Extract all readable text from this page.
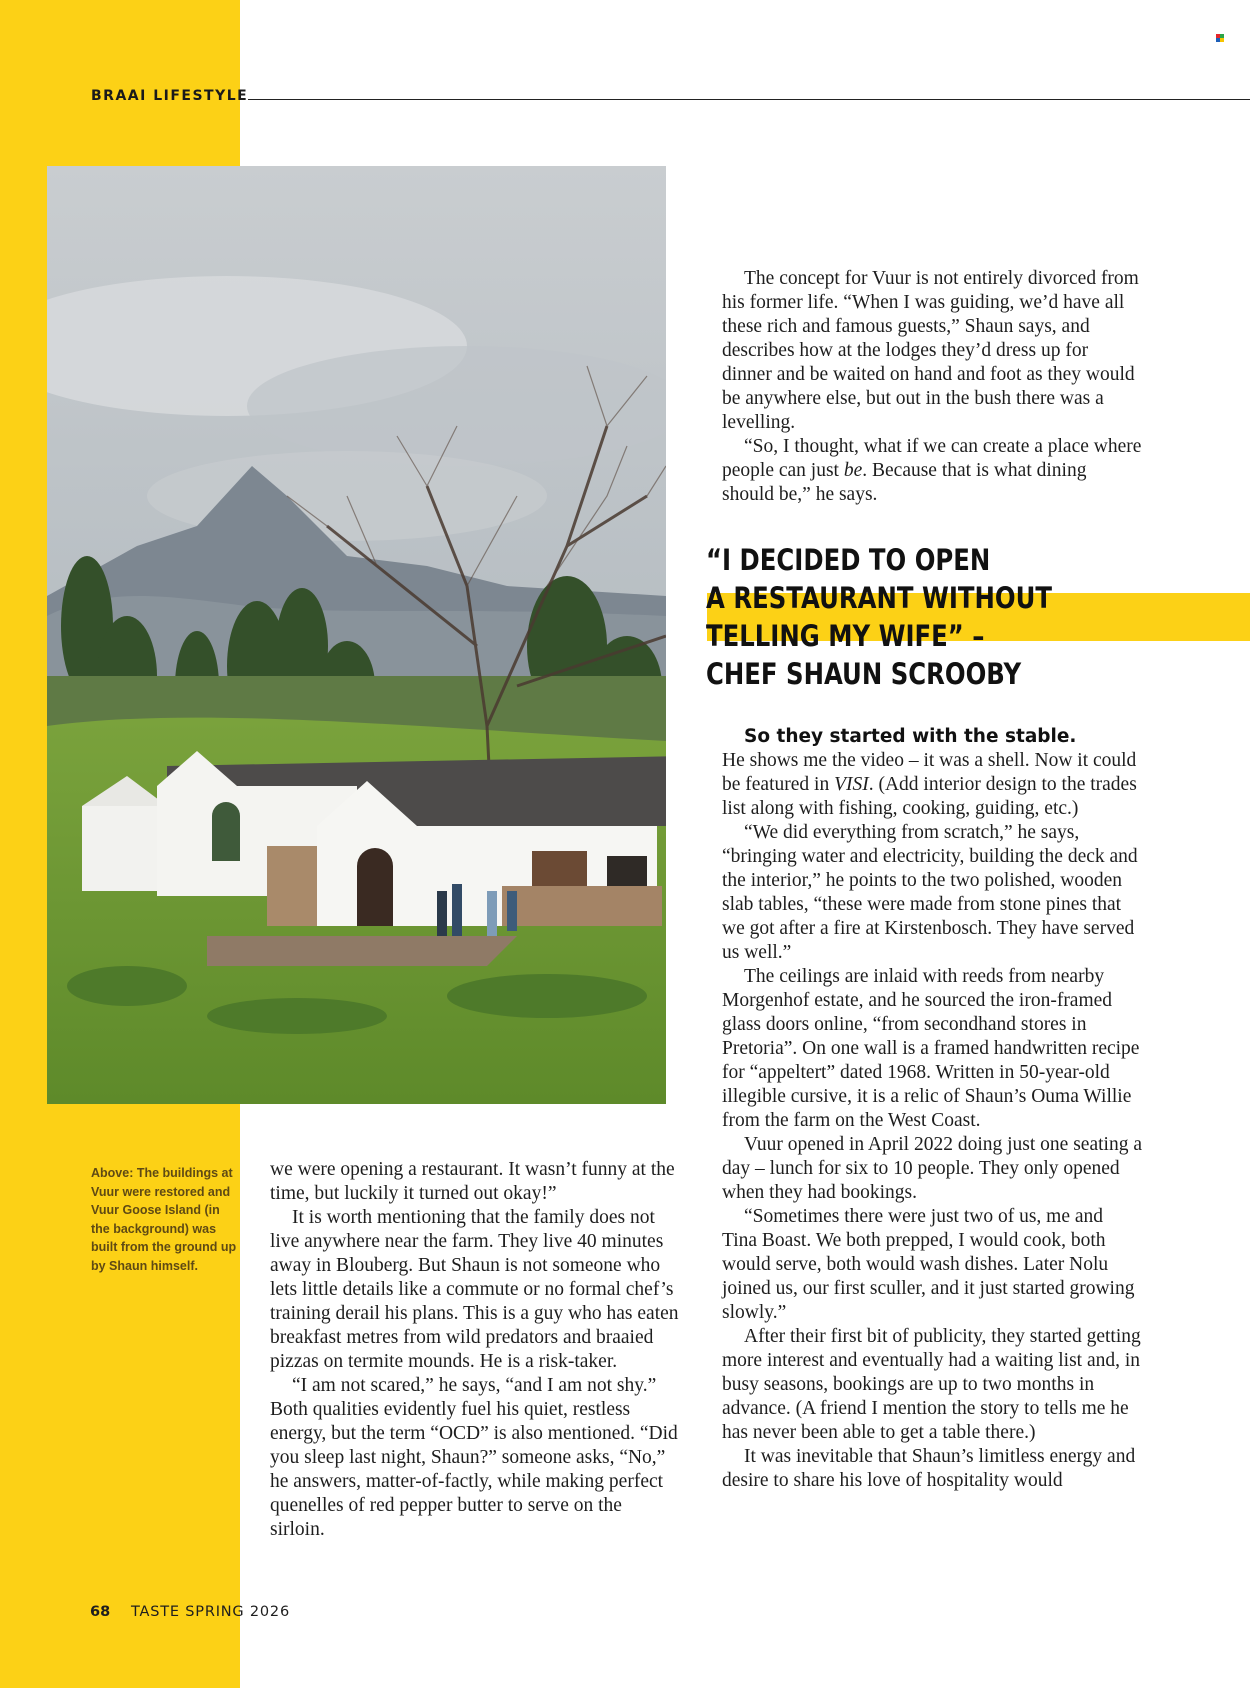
BRAAI LIFESTYLE

Above: The buildings at Vuur were restored and Vuur Goose Island (in the background) was built from the ground up by Shaun himself.

we were opening a restaurant. It wasn’t funny at the time, but luckily it turned out okay!”

It is worth mentioning that the family does not live anywhere near the farm. They live 40 minutes away in Blouberg. But Shaun is not someone who lets little details like a commute or no formal chef’s training derail his plans. This is a guy who has eaten breakfast metres from wild predators and braaied pizzas on termite mounds. He is a risk-taker.

“I am not scared,” he says, “and I am not shy.” Both qualities evidently fuel his quiet, restless energy, but the term “OCD” is also mentioned. “Did you sleep last night, Shaun?” someone asks, “No,” he answers, matter-of-factly, while making perfect quenelles of red pepper butter to serve on the sirloin.

The concept for Vuur is not entirely divorced from his former life. “When I was guiding, we’d have all these rich and famous guests,” Shaun says, and describes how at the lodges they’d dress up for dinner and be waited on hand and foot as they would be anywhere else, but out in the bush there was a levelling.

“So, I thought, what if we can create a place where people can just be. Because that is what dining should be,” he says.

“I DECIDED TO OPEN
A RESTAURANT WITHOUT
TELLING MY WIFE” –
CHEF SHAUN SCROOBY

So they started with the stable.

He shows me the video – it was a shell. Now it could be featured in VISI. (Add interior design to the trades list along with fishing, cooking, guiding, etc.)

“We did everything from scratch,” he says, “bringing water and electricity, building the deck and the interior,” he points to the two polished, wooden slab tables, “these were made from stone pines that we got after a fire at Kirstenbosch. They have served us well.”

The ceilings are inlaid with reeds from nearby Morgenhof estate, and he sourced the iron-framed glass doors online, “from secondhand stores in Pretoria”. On one wall is a framed handwritten recipe for “appeltert” dated 1968. Written in 50-year-old illegible cursive, it is a relic of Shaun’s Ouma Willie from the farm on the West Coast.

Vuur opened in April 2022 doing just one seating a day – lunch for six to 10 people. They only opened when they had bookings.

“Sometimes there were just two of us, me and Tina Boast. We both prepped, I would cook, both would serve, both would wash dishes. Later Nolu joined us, our first sculler, and it just started growing slowly.”

After their first bit of publicity, they started getting more interest and eventually had a waiting list and, in busy seasons, bookings are up to two months in advance. (A friend I mention the story to tells me he has never been able to get a table there.)

It was inevitable that Shaun’s limitless energy and desire to share his love of hospitality would

68 TASTE SPRING 2026
